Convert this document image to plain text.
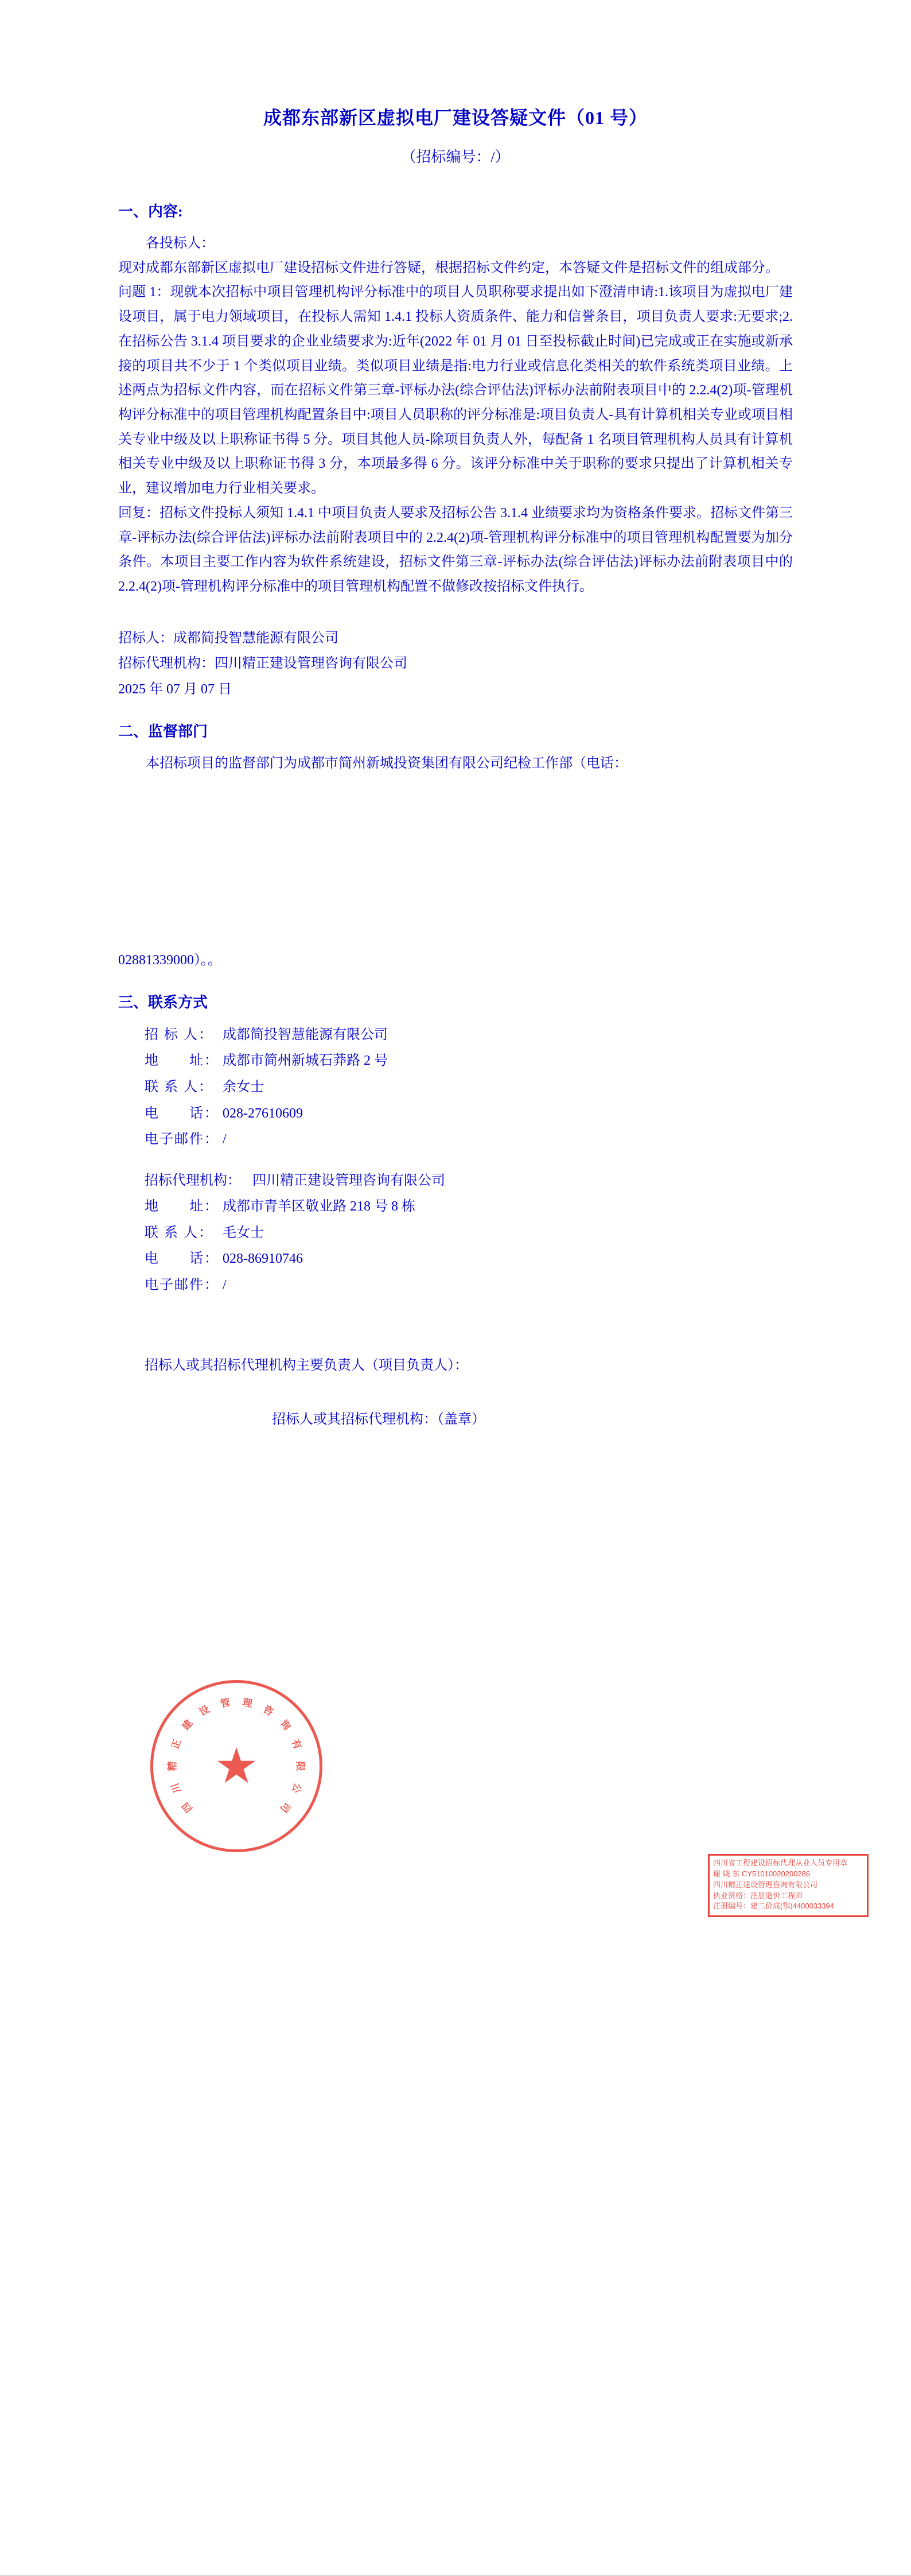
成都东部新区虚拟电厂建设答疑文件（01 号）
（招标编号：/）
一、内容:

各投标人：

现对成都东部新区虚拟电厂建设招标文件进行答疑，根据招标文件约定，本答疑文件是招标文件的组成部分。

问题 1：现就本次招标中项目管理机构评分标准中的项目人员职称要求提出如下澄清申请:1.该项目为虚拟电厂建设项目，属于电力领域项目，在投标人需知 1.4.1 投标人资质条件、能力和信誉条目，项目负责人要求:无要求;2.在招标公告 3.1.4 项目要求的企业业绩要求为:近年(2022 年 01 月 01 日至投标截止时间)已完成或正在实施或新承接的项目共不少于 1 个类似项目业绩。类似项目业绩是指:电力行业或信息化类相关的软件系统类项目业绩。上述两点为招标文件内容，而在招标文件第三章-评标办法(综合评估法)评标办法前附表项目中的 2.2.4(2)项-管理机构评分标准中的项目管理机构配置条目中:项目人员职称的评分标准是:项目负责人-具有计算机相关专业或项目相关专业中级及以上职称证书得 5 分。项目其他人员-除项目负责人外，每配备 1 名项目管理机构人员具有计算机相关专业中级及以上职称证书得 3 分，本项最多得 6 分。该评分标准中关于职称的要求只提出了计算机相关专业，建议增加电力行业相关要求。

回复：招标文件投标人须知 1.4.1 中项目负责人要求及招标公告 3.1.4 业绩要求均为资格条件要求。招标文件第三章-评标办法(综合评估法)评标办法前附表项目中的 2.2.4(2)项-管理机构评分标准中的项目管理机构配置要为加分条件。本项目主要工作内容为软件系统建设，招标文件第三章-评标办法(综合评估法)评标办法前附表项目中的 2.2.4(2)项-管理机构评分标准中的项目管理机构配置不做修改按招标文件执行。

招标人：成都简投智慧能源有限公司
招标代理机构：四川精正建设管理咨询有限公司
2025 年 07 月 07 日
二、监督部门

本招标项目的监督部门为成都市简州新城投资集团有限公司纪检工作部（电话：

02881339000）。。

三、联系方式
招 标 人： 成都简投智慧能源有限公司
地　　址： 成都市简州新城石莽路 2 号
联 系 人： 余女士
电　　话： 028-27610609
电子邮件： /
招标代理机构： 四川精正建设管理咨询有限公司
地　　址： 成都市青羊区敬业路 218 号 8 栋
联 系 人： 毛女士
电　　话： 028-86910746
电子邮件： /
招标人或其招标代理机构主要负责人（项目负责人）：
招标人或其招标代理机构：（盖章）
四
川
精
正
建
设
管 理
咨
询
有
限
公
司
★
四川省工程建设招标代理从业人员专用章
谢 晓 东 CY51010020200286
四川精正建设管理咨询有限公司
执业资格：注册造价工程师
注册编号：建二价成(鄂)4400033394
